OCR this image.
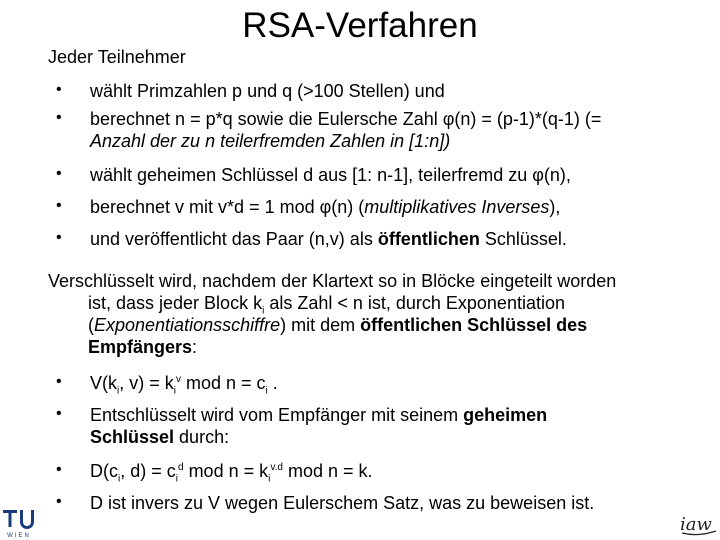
RSA-Verfahren
Jeder Teilnehmer
• wählt Primzahlen p und q (>100 Stellen) und
• berechnet n = p*q sowie die Eulersche Zahl φ(n) = (p-1)*(q-1) (=
Anzahl der zu n teilerfremden Zahlen in [1:n])
• wählt geheimen Schlüssel d aus [1: n-1], teilerfremd zu φ(n),
• berechnet v mit v*d = 1 mod φ(n) (multiplikatives Inverses),
• und veröffentlicht das Paar (n,v) als öffentlichen Schlüssel.
Verschlüsselt wird, nachdem der Klartext so in Blöcke eingeteilt worden
ist, dass jeder Block $k_i$ als Zahl < n ist, durch Exponentiation
(Exponentiationsschiffre) mit dem öffentlichen Schlüssel des
Empfängers:
• $V(k_i$, $v) = k_i^v$ mod $n = c_i$ .
• Entschlüsselt wird vom Empfänger mit seinem geheimen
Schlüssel durch:
• $D(c_i$, $d) = c_i^d$ mod $n = k_i^{v.d}$ mod n = k.
• D ist invers zu V wegen Eulerschem Satz, was zu beweisen ist.
WIEN
iaw
